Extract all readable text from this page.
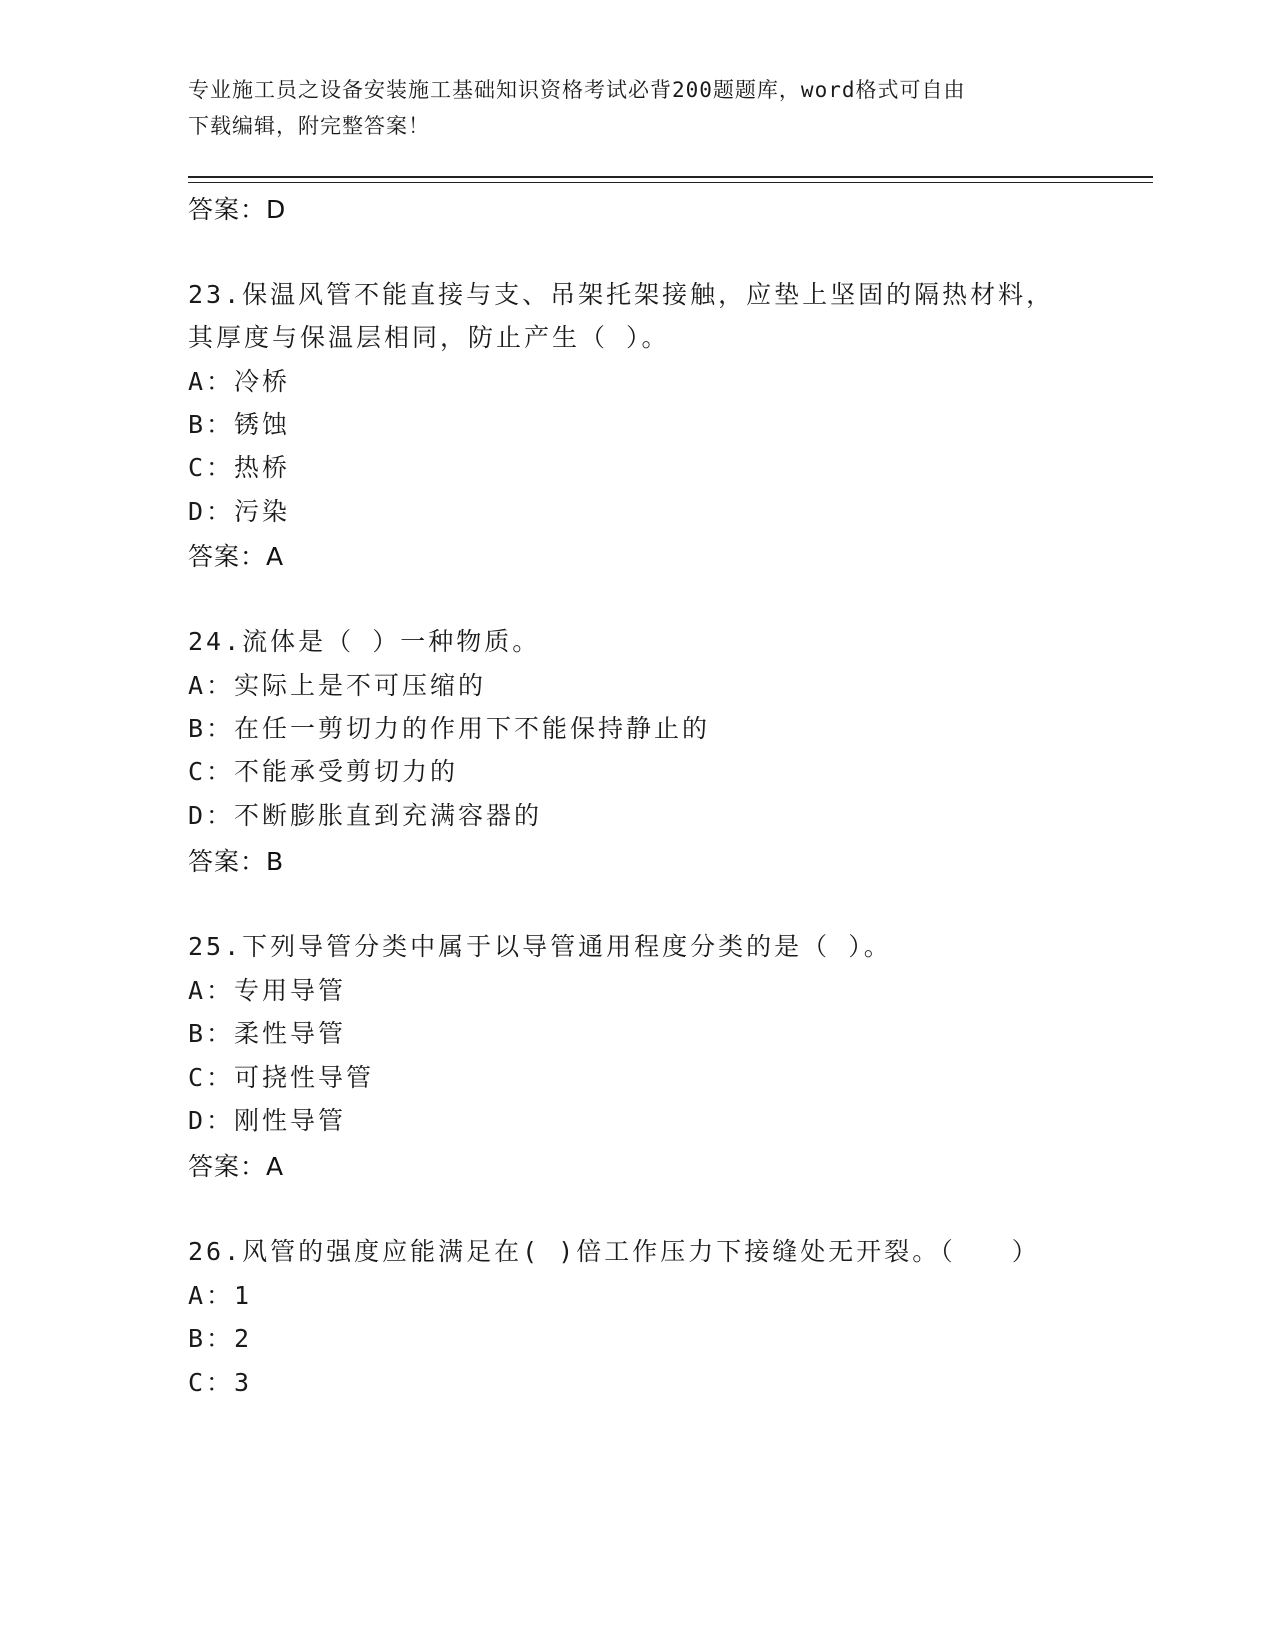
专业施工员之设备安装施工基础知识资格考试必背200题题库，word格式可自由
下载编辑，附完整答案！
答案：D
23.保温风管不能直接与支、吊架托架接触，应垫上坚固的隔热材料，
其厚度与保温层相同，防止产生（ ）。
A：冷桥
B：锈蚀
C：热桥
D：污染
答案：A
24.流体是（ ）一种物质。
A：实际上是不可压缩的
B：在任一剪切力的作用下不能保持静止的
C：不能承受剪切力的
D：不断膨胀直到充满容器的
答案：B
25.下列导管分类中属于以导管通用程度分类的是（ ）。
A：专用导管
B：柔性导管
C：可挠性导管
D：刚性导管
答案：A
26.风管的强度应能满足在( )倍工作压力下接缝处无开裂。（　　）
A：1
B：2
C：3
